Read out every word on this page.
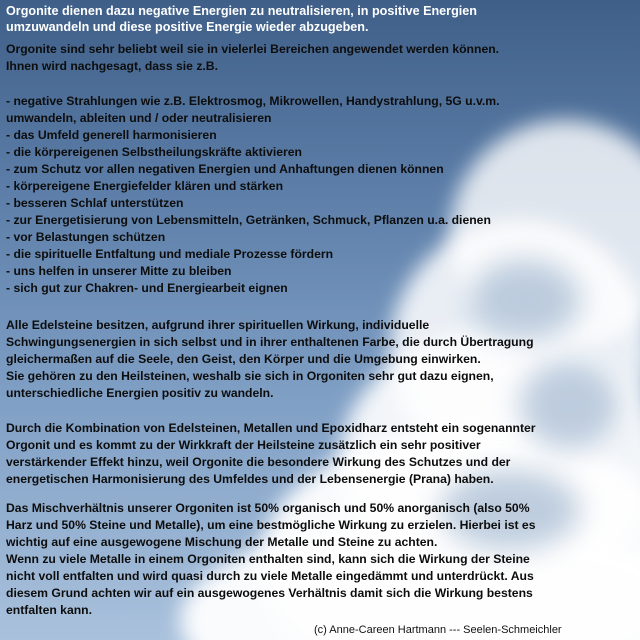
Orgonite dienen dazu negative Energien zu neutralisieren, in positive Energien
umzuwandeln und diese positive Energie wieder abzugeben.
Orgonite sind sehr beliebt weil sie in vielerlei Bereichen angewendet werden können.
Ihnen wird nachgesagt, dass sie z.B.
- negative Strahlungen wie z.B. Elektrosmog, Mikrowellen, Handystrahlung, 5G u.v.m.
umwandeln, ableiten und / oder neutralisieren
- das Umfeld generell harmonisieren
- die körpereigenen Selbstheilungskräfte aktivieren
- zum Schutz vor allen negativen Energien und Anhaftungen dienen können
- körpereigene Energiefelder klären und stärken
- besseren Schlaf unterstützen
- zur Energetisierung von Lebensmitteln, Getränken, Schmuck, Pflanzen u.a. dienen
- vor Belastungen schützen
- die spirituelle Entfaltung und mediale Prozesse fördern
- uns helfen in unserer Mitte zu bleiben
- sich gut zur Chakren- und Energiearbeit eignen
Alle Edelsteine besitzen, aufgrund ihrer spirituellen Wirkung, individuelle
Schwingungsenergien in sich selbst und in ihrer enthaltenen Farbe, die durch Übertragung
gleichermaßen auf die Seele, den Geist, den Körper und die Umgebung einwirken.
Sie gehören zu den Heilsteinen, weshalb sie sich in Orgoniten sehr gut dazu eignen,
unterschiedliche Energien positiv zu wandeln.
Durch die Kombination von Edelsteinen, Metallen und Epoxidharz entsteht ein sogenannter
Orgonit und es kommt zu der Wirkkraft der Heilsteine zusätzlich ein sehr positiver
verstärkender Effekt hinzu, weil Orgonite die besondere Wirkung des Schutzes und der
energetischen Harmonisierung des Umfeldes und der Lebensenergie (Prana) haben.
Das Mischverhältnis unserer Orgoniten ist 50% organisch und 50% anorganisch (also 50%
Harz und 50% Steine und Metalle), um eine bestmögliche Wirkung zu erzielen. Hierbei ist es
wichtig auf eine ausgewogene Mischung der Metalle und Steine zu achten.
Wenn zu viele Metalle in einem Orgoniten enthalten sind, kann sich die Wirkung der Steine
nicht voll entfalten und wird quasi durch zu viele Metalle eingedämmt und unterdrückt. Aus
diesem Grund achten wir auf ein ausgewogenes Verhältnis damit sich die Wirkung bestens
entfalten kann.
(c) Anne-Careen Hartmann --- Seelen-Schmeichler
